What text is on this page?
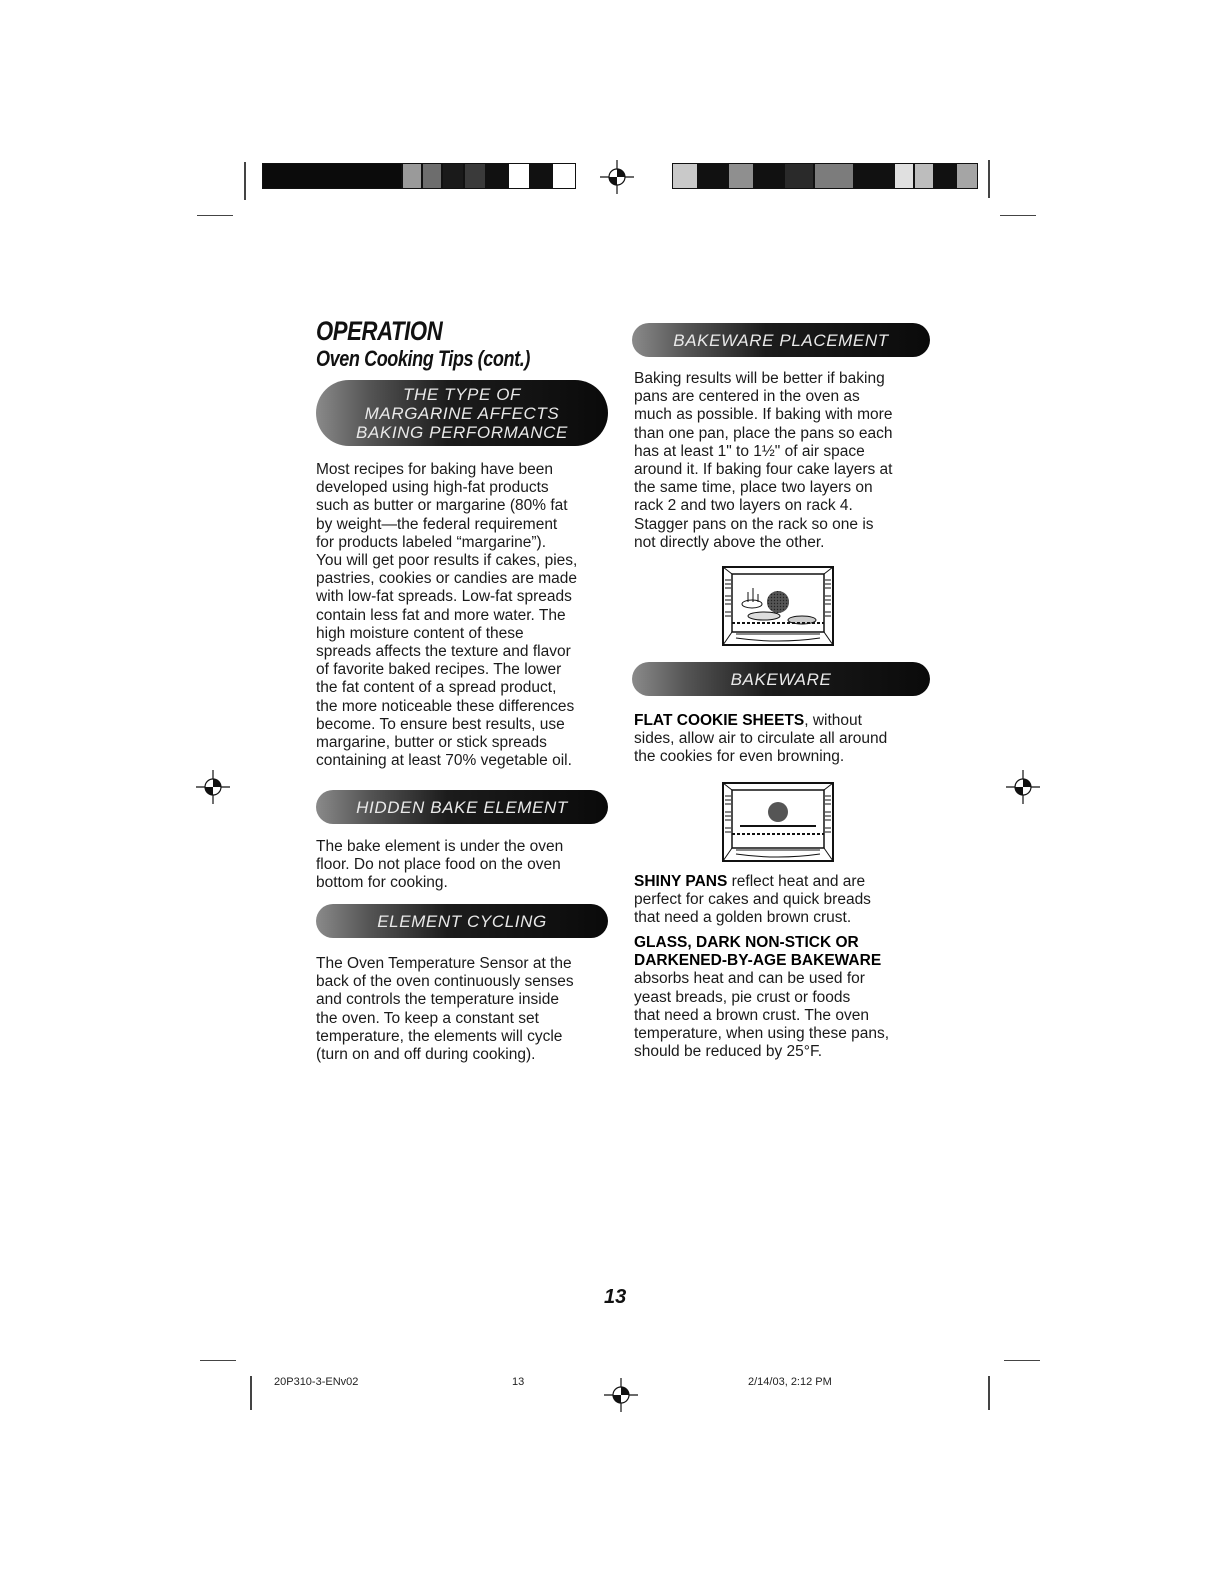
OPERATION
Oven Cooking Tips (cont.)
THE TYPE OF
MARGARINE AFFECTS
BAKING PERFORMANCE
Most recipes for baking have been
developed using high-fat products
such as butter or margarine (80% fat
by weight—the federal requirement
for products labeled “margarine”).
You will get poor results if cakes, pies,
pastries, cookies or candies are made
with low-fat spreads. Low-fat spreads
contain less fat and more water. The
high moisture content of these
spreads affects the texture and flavor
of favorite baked recipes. The lower
the fat content of a spread product,
the more noticeable these differences
become. To ensure best results, use
margarine, butter or stick spreads
containing at least 70% vegetable oil.
HIDDEN BAKE ELEMENT
The bake element is under the oven
floor. Do not place food on the oven
bottom for cooking.
ELEMENT CYCLING
The Oven Temperature Sensor at the
back of the oven continuously senses
and controls the temperature inside
the oven. To keep a constant set
temperature, the elements will cycle
(turn on and off during cooking).
BAKEWARE PLACEMENT
Baking results will be better if baking
pans are centered in the oven as
much as possible. If baking with more
than one pan, place the pans so each
has at least 1" to 1½" of air space
around it. If baking four cake layers at
the same time, place two layers on
rack 2 and two layers on rack 4.
Stagger pans on the rack so one is
not directly above the other.
BAKEWARE
FLAT COOKIE SHEETS, without
sides, allow air to circulate all around
the cookies for even browning.
SHINY PANS reflect heat and are
perfect for cakes and quick breads
that need a golden brown crust.
GLASS, DARK NON-STICK OR
DARKENED-BY-AGE BAKEWARE
absorbs heat and can be used for
yeast breads, pie crust or foods
that need a brown crust. The oven
temperature, when using these pans,
should be reduced by 25°F.
13
20P310-3-ENv02	13	2/14/03, 2:12 PM
